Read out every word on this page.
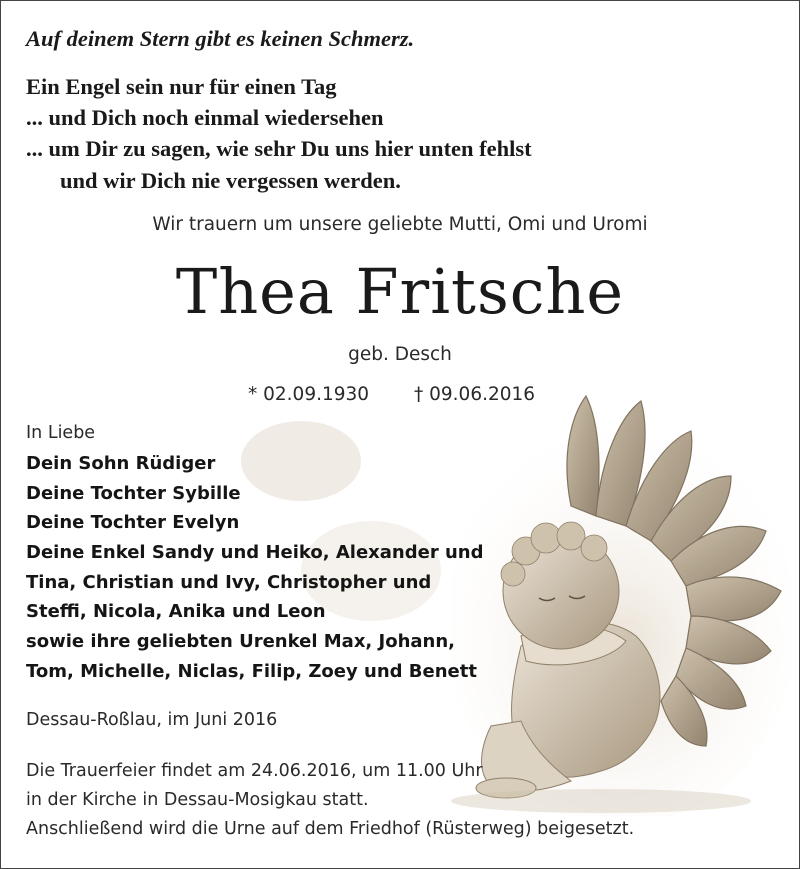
Auf deinem Stern gibt es keinen Schmerz.
Ein Engel sein nur für einen Tag
... und Dich noch einmal wiedersehen
... um Dir zu sagen, wie sehr Du uns hier unten fehlst
und wir Dich nie vergessen werden.
Wir trauern um unsere geliebte Mutti, Omi und Uromi
Thea Fritsche
geb. Desch
* 02.09.1930 † 09.06.2016
In Liebe
Dein Sohn Rüdiger
Deine Tochter Sybille
Deine Tochter Evelyn
Deine Enkel Sandy und Heiko, Alexander und
Tina, Christian und Ivy, Christopher und
Steffi, Nicola, Anika und Leon
sowie ihre geliebten Urenkel Max, Johann,
Tom, Michelle, Niclas, Filip, Zoey und Benett
Dessau-Roßlau, im Juni 2016
Die Trauerfeier findet am 24.06.2016, um 11.00 Uhr
in der Kirche in Dessau-Mosigkau statt.
Anschließend wird die Urne auf dem Friedhof (Rüsterweg) beigesetzt.
